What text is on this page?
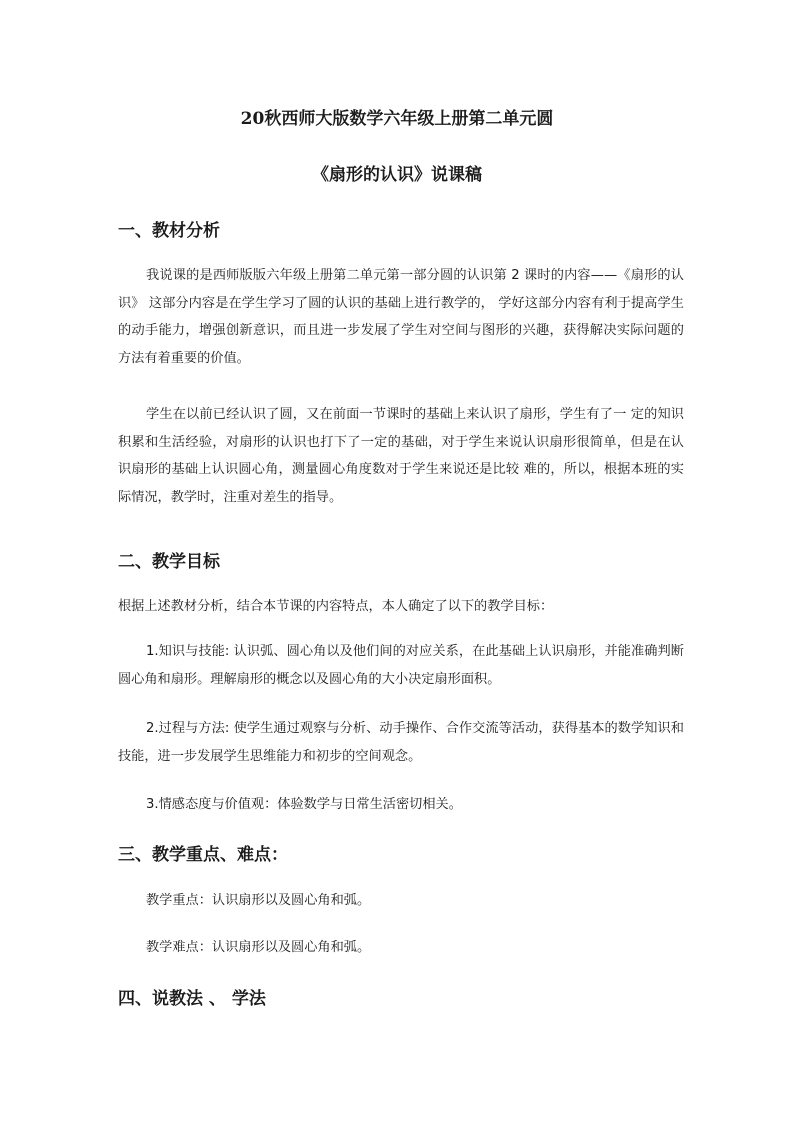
20秋西师大版数学六年级上册第二单元圆
《扇形的认识》说课稿
一、教材分析

我说课的是西师版版六年级上册第二单元第一部分圆的认识第 2 课时的内容——《扇形的认识》 这部分内容是在学生学习了圆的认识的基础上进行教学的， 学好这部分内容有利于提高学生的动手能力，增强创新意识，而且进一步发展了学生对空间与图形的兴趣，获得解决实际问题的方法有着重要的价值。

学生在以前已经认识了圆，又在前面一节课时的基础上来认识了扇形，学生有了一 定的知识积累和生活经验，对扇形的认识也打下了一定的基础，对于学生来说认识扇形很简单，但是在认识扇形的基础上认识圆心角，测量圆心角度数对于学生来说还是比较 难的，所以，根据本班的实际情况，教学时，注重对差生的指导。

二、教学目标

根据上述教材分析，结合本节课的内容特点，本人确定了以下的教学目标：

1.知识与技能: 认识弧、圆心角以及他们间的对应关系，在此基础上认识扇形，并能准确判断圆心角和扇形。理解扇形的概念以及圆心角的大小决定扇形面积。

2.过程与方法: 使学生通过观察与分析、动手操作、合作交流等活动，获得基本的数学知识和技能，进一步发展学生思维能力和初步的空间观念。

3.情感态度与价值观：体验数学与日常生活密切相关。

三、教学重点、难点：

教学重点：认识扇形以及圆心角和弧。

教学难点：认识扇形以及圆心角和弧。

四、说教法 、 学法
